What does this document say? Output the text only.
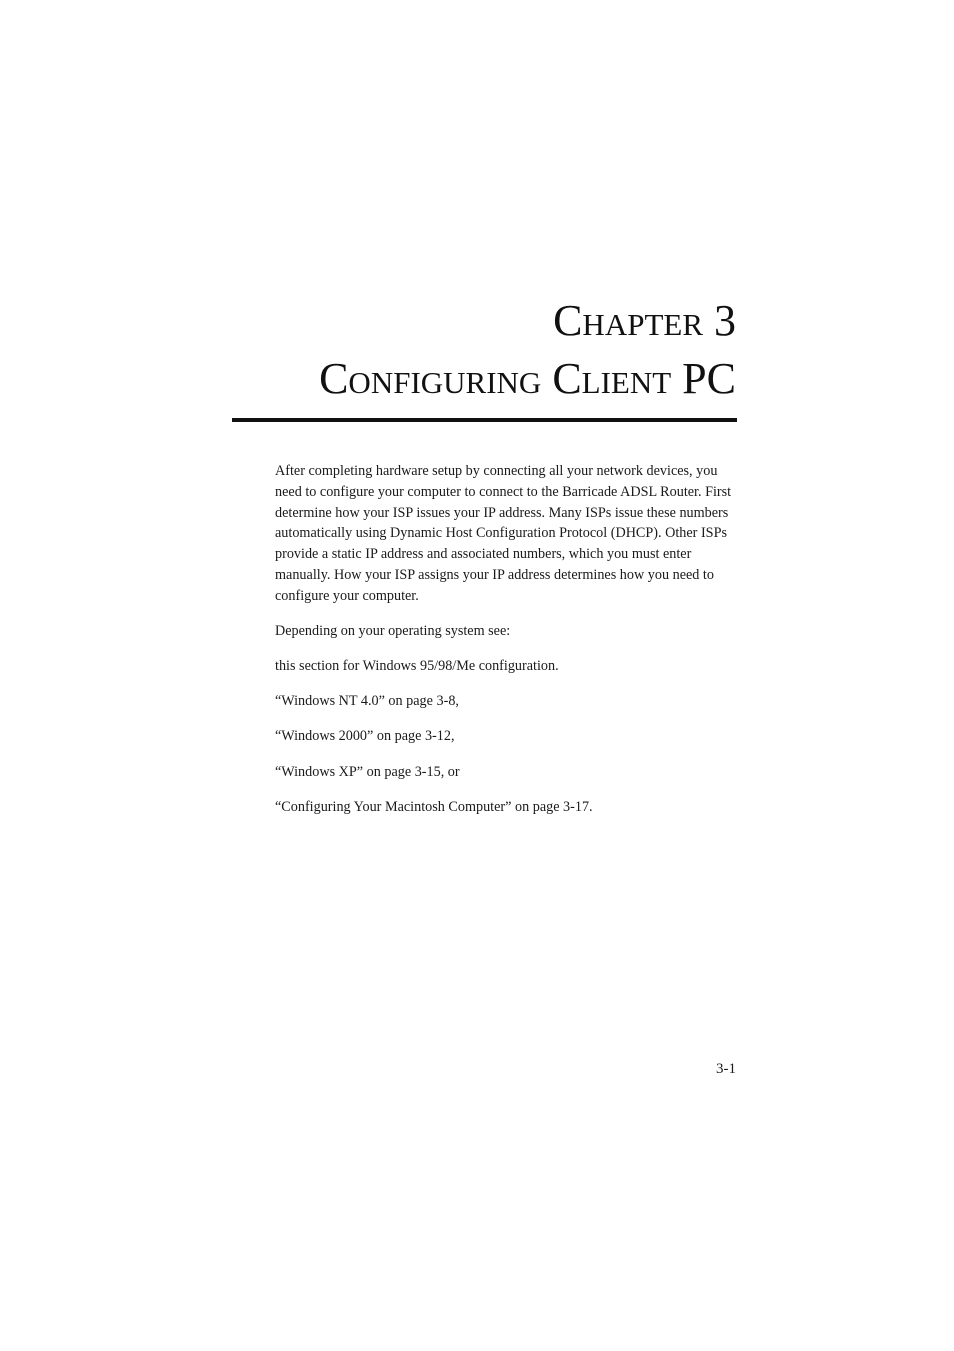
Chapter 3
Configuring Client PC

After completing hardware setup by connecting all your network devices, you need to configure your computer to connect to the Barricade ADSL Router. First determine how your ISP issues your IP address. Many ISPs issue these numbers automatically using Dynamic Host Configuration Protocol (DHCP). Other ISPs provide a static IP address and associated numbers, which you must enter manually. How your ISP assigns your IP address determines how you need to configure your computer.

Depending on your operating system see:

this section for Windows 95/98/Me configuration.

“Windows NT 4.0” on page 3-8,

“Windows 2000” on page 3-12,

“Windows XP” on page 3-15, or

“Configuring Your Macintosh Computer” on page 3-17.

3-1
